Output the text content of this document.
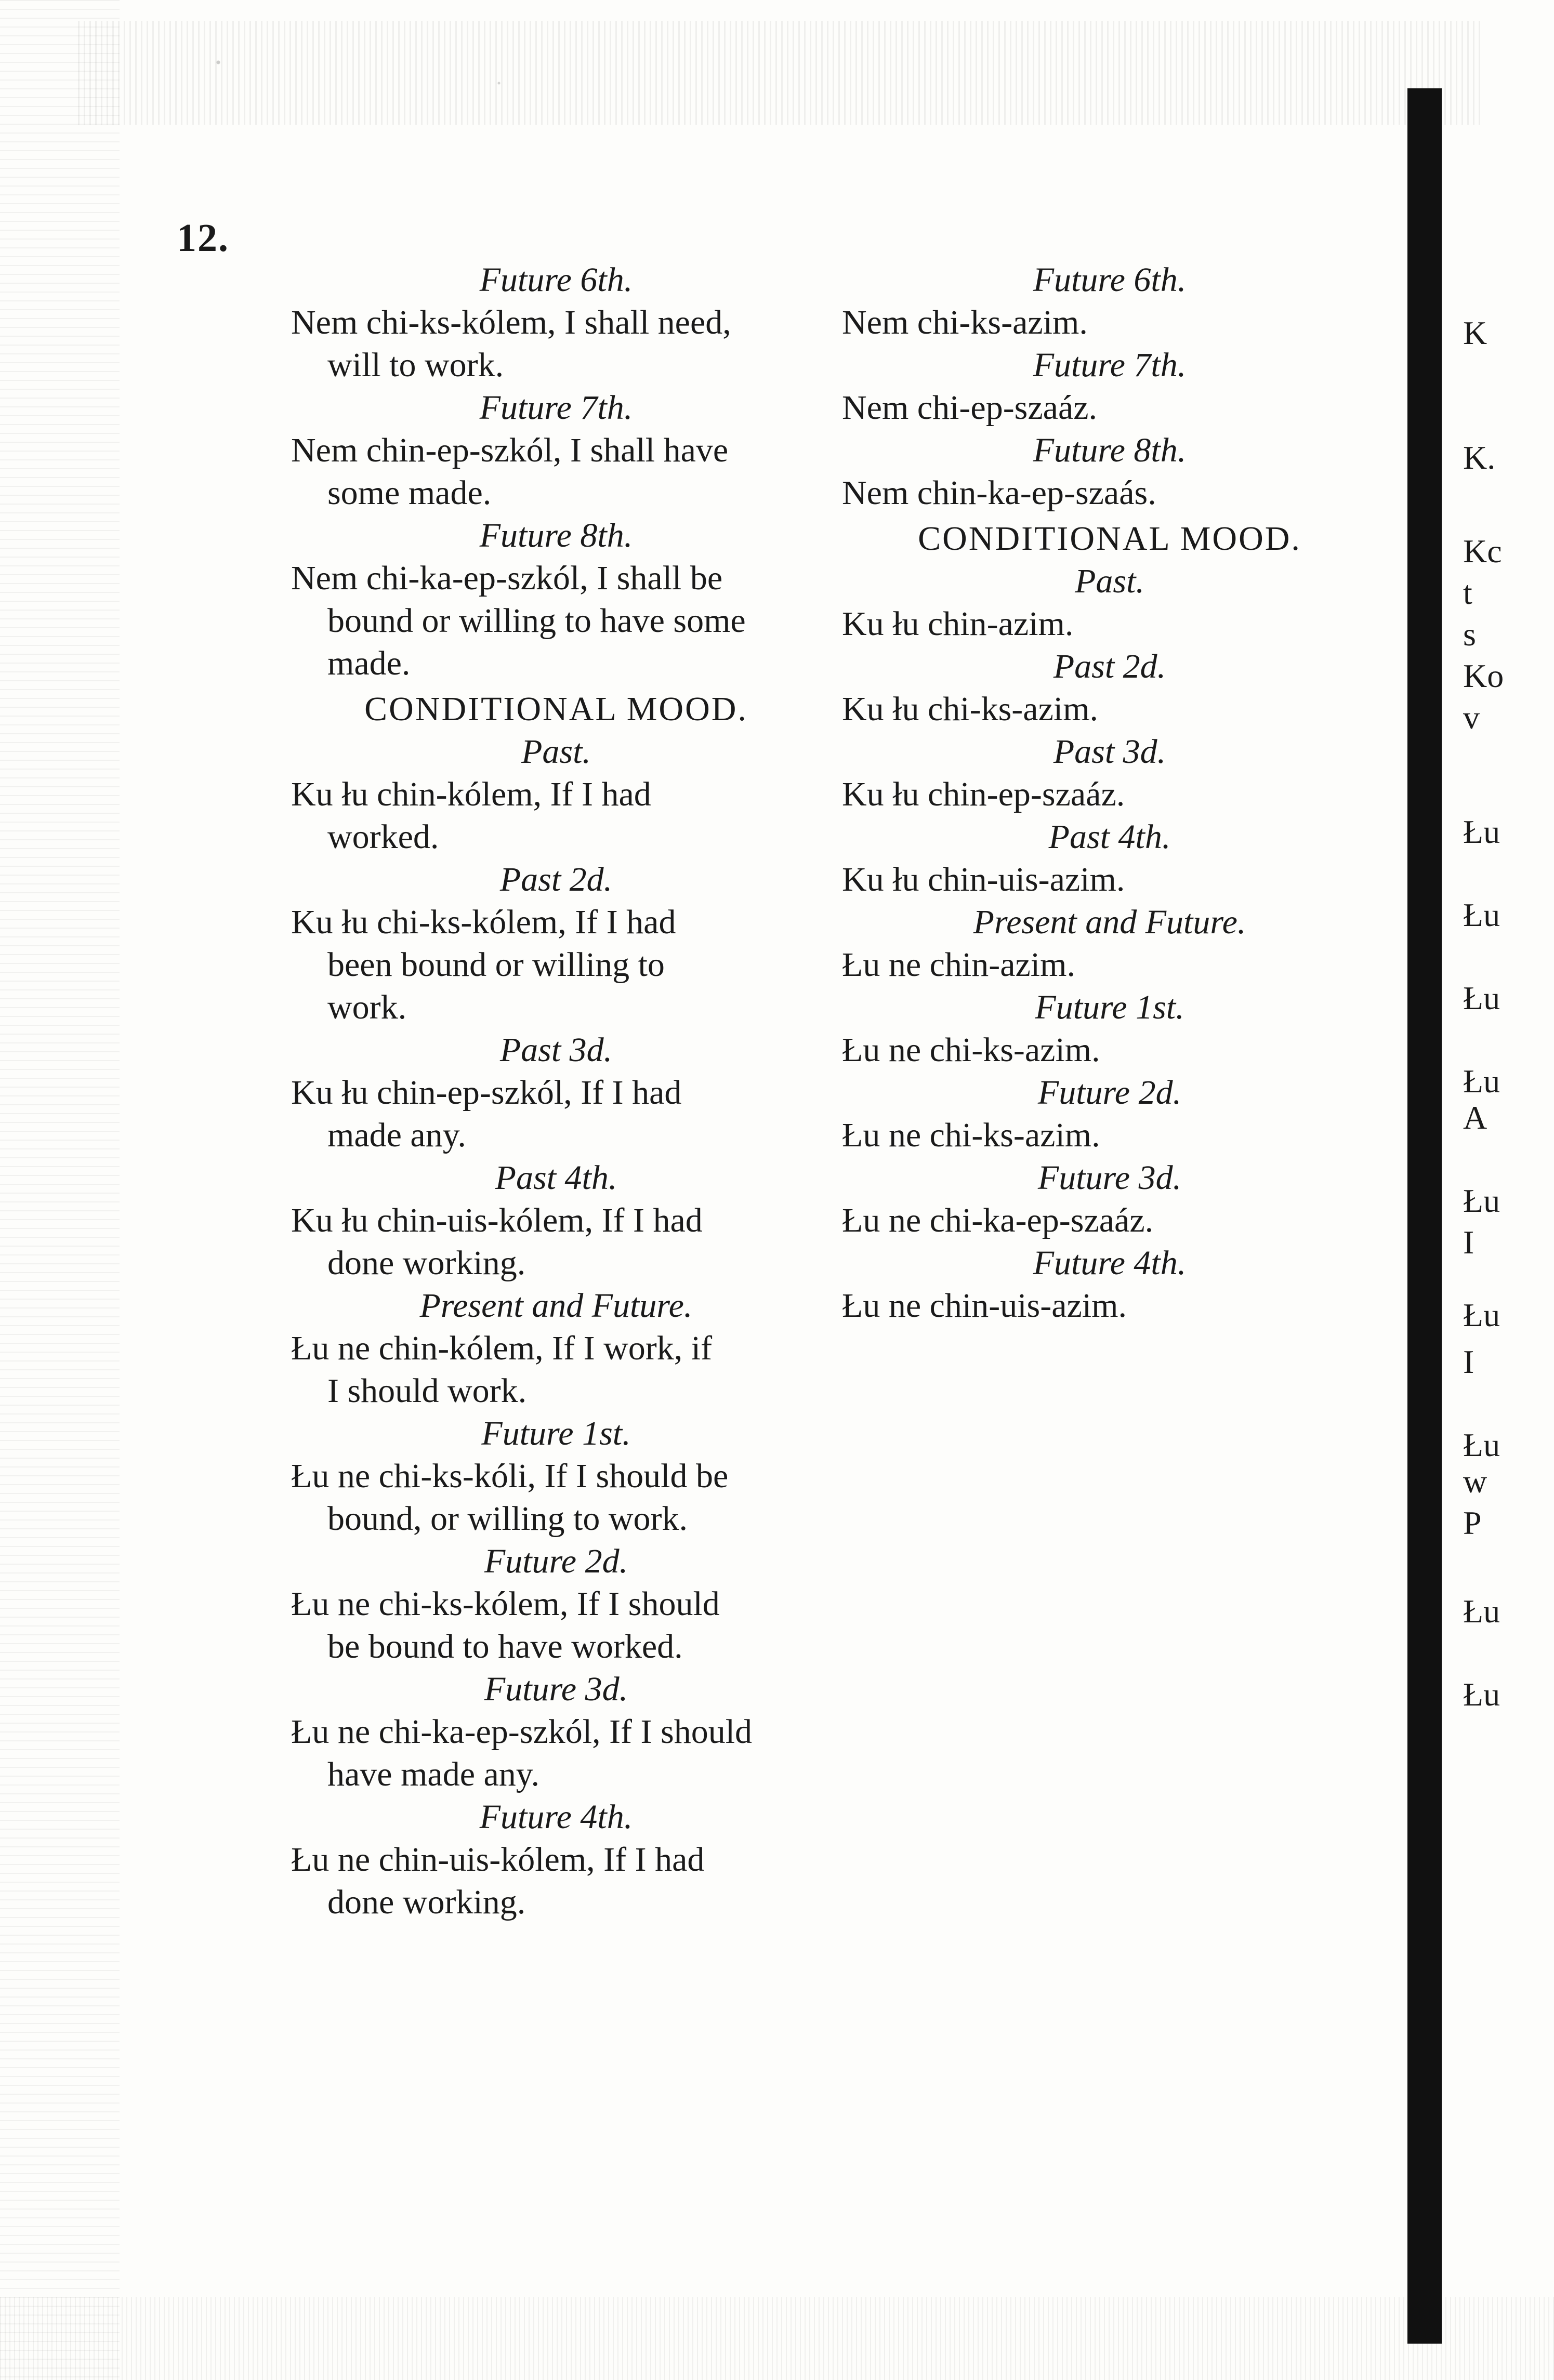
12.
Future 6th.
Nem chi-ks-kólem, I shall need,
will to work.
Future 7th.
Nem chin-ep-szkól, I shall have
some made.
Future 8th.
Nem chi-ka-ep-szkól, I shall be
bound or willing to have some
made.
CONDITIONAL MOOD.
Past.
Ku łu chin-kólem, If I had
worked.
Past 2d.
Ku łu chi-ks-kólem, If I had
been bound or willing to
work.
Past 3d.
Ku łu chin-ep-szkól, If I had
made any.
Past 4th.
Ku łu chin-uis-kólem, If I had
done working.
Present and Future.
Łu ne chin-kólem, If I work, if
I should work.
Future 1st.
Łu ne chi-ks-kóli, If I should be
bound, or willing to work.
Future 2d.
Łu ne chi-ks-kólem, If I should
be bound to have worked.
Future 3d.
Łu ne chi-ka-ep-szkól, If I should
have made any.
Future 4th.
Łu ne chin-uis-kólem, If I had
done working.
Future 6th.
Nem chi-ks-azim.
Future 7th.
Nem chi-ep-szaáz.
Future 8th.
Nem chin-ka-ep-szaás.
CONDITIONAL MOOD.
Past.
Ku łu chin-azim.
Past 2d.
Ku łu chi-ks-azim.
Past 3d.
Ku łu chin-ep-szaáz.
Past 4th.
Ku łu chin-uis-azim.
Present and Future.
Łu ne chin-azim.
Future 1st.
Łu ne chi-ks-azim.
Future 2d.
Łu ne chi-ks-azim.
Future 3d.
Łu ne chi-ka-ep-szaáz.
Future 4th.
Łu ne chin-uis-azim.
K
K.
Kc
t
s
Ko
v
Łu
Łu
Łu
Łu
A
Łu
I
Łu
I
Łu
w
P
Łu
Łu
